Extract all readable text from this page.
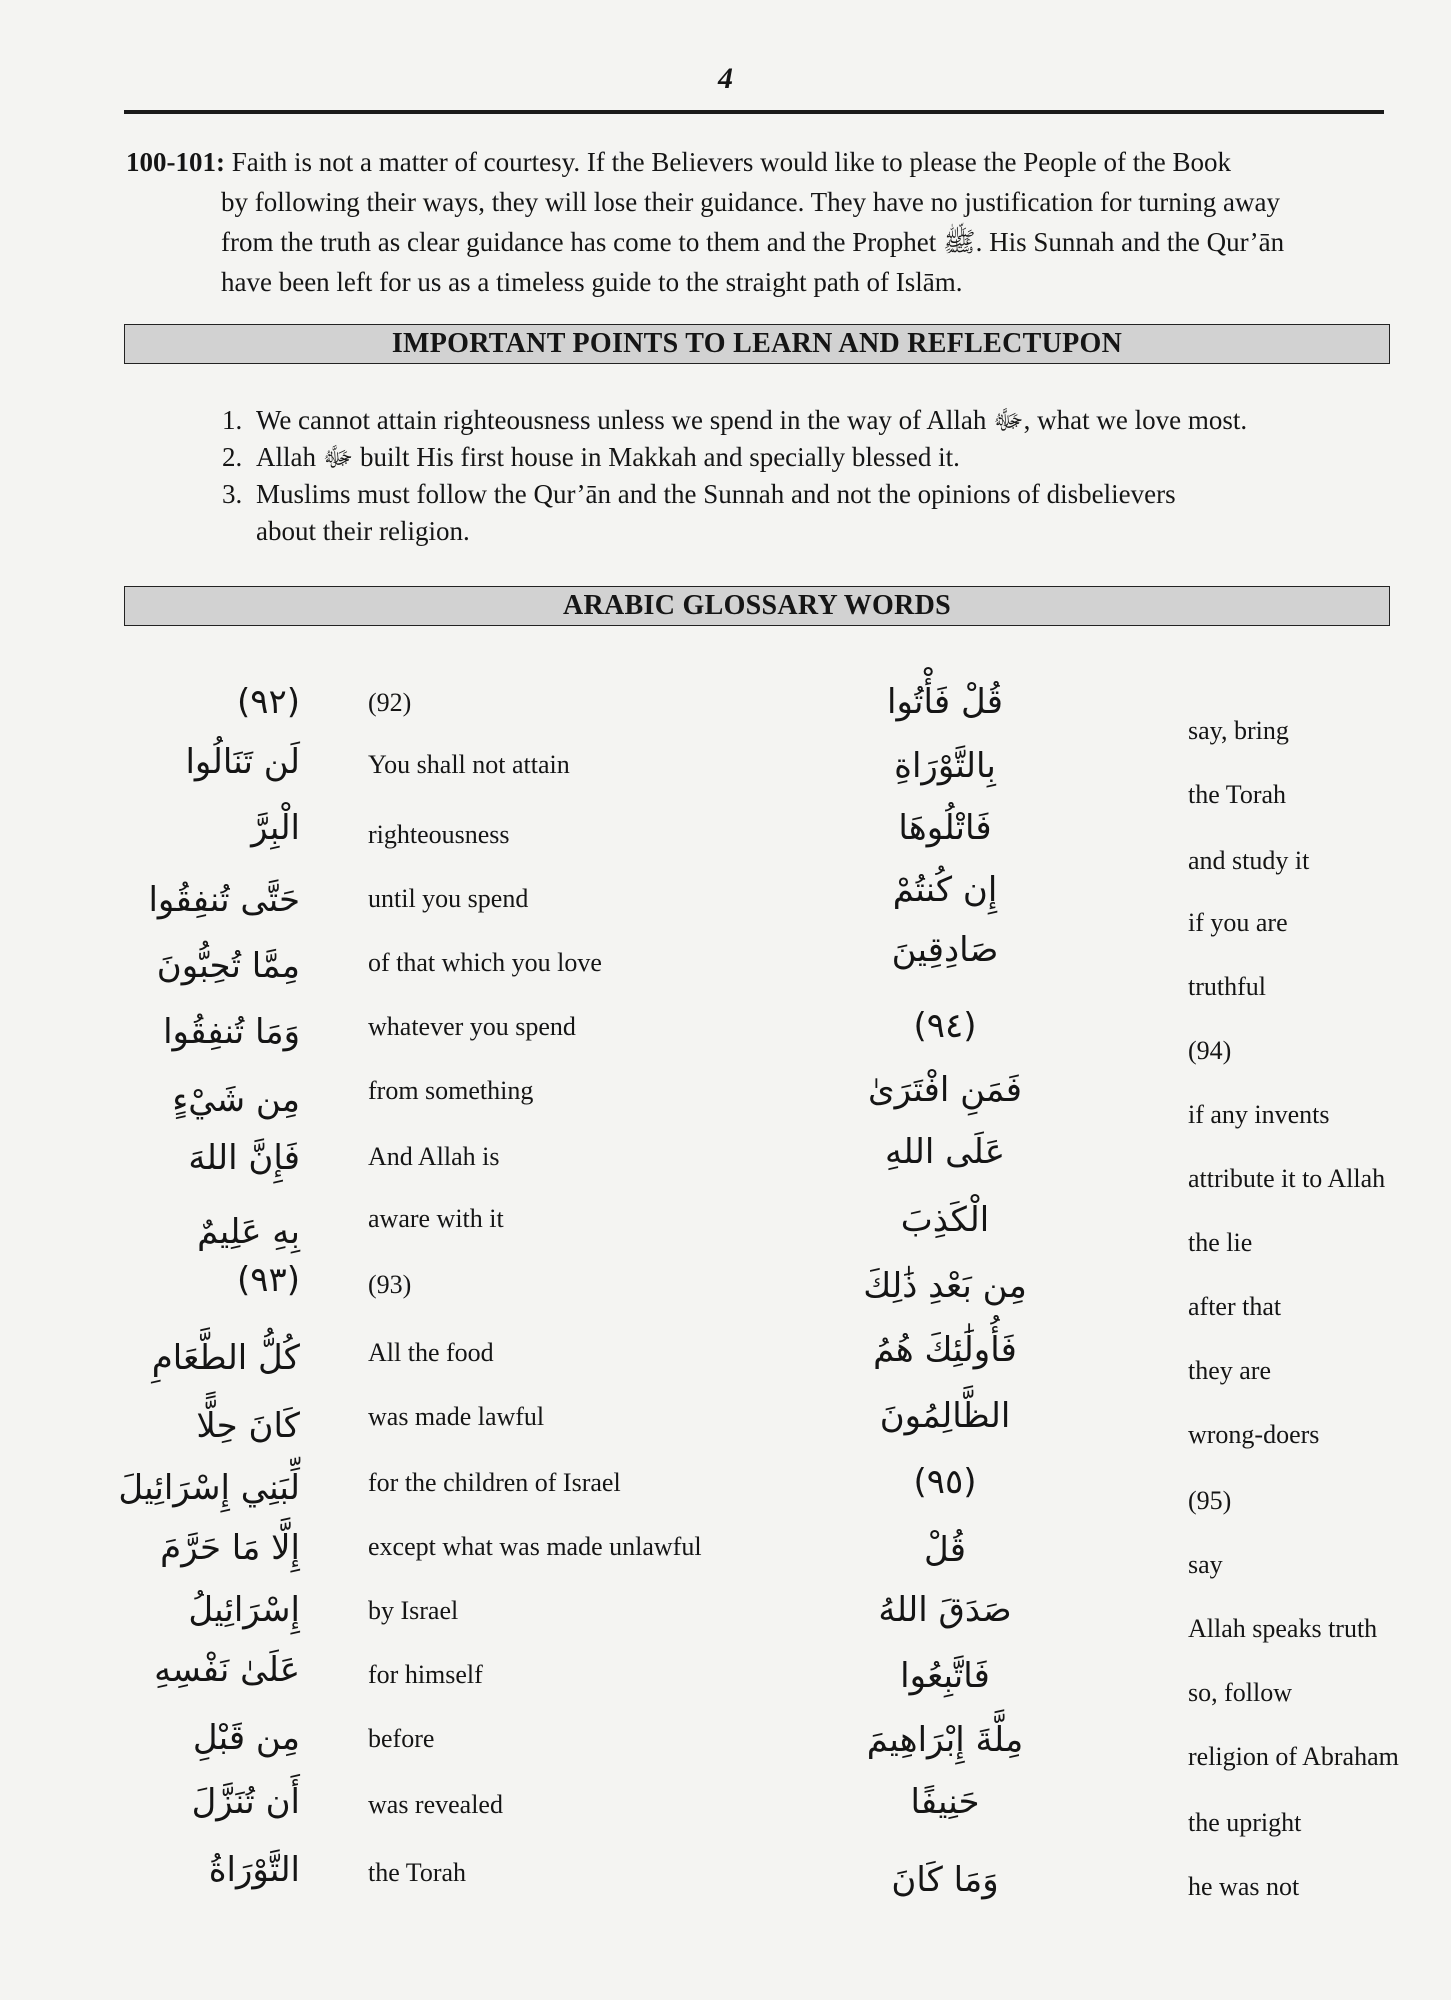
4
100-101: Faith is not a matter of courtesy. If the Believers would like to please the People of the Book
by following their ways, they will lose their guidance. They have no justification for turning away
from the truth as clear guidance has come to them and the Prophet ﷺ. His Sunnah and the Qur’ān
have been left for us as a timeless guide to the straight path of Islām.
IMPORTANT POINTS TO LEARN AND REFLECTUPON
1. We cannot attain righteousness unless we spend in the way of Allah ﷻ, what we love most.
2. Allah ﷻ built His first house in Makkah and specially blessed it.
3. Muslims must follow the Qur’ān and the Sunnah and not the opinions of disbelievers
about their religion.
ARABIC GLOSSARY WORDS
(٩٢)
لَن تَنَالُوا
الْبِرَّ
حَتَّى تُنفِقُوا
مِمَّا تُحِبُّونَ
وَمَا تُنفِقُوا
مِن شَيْءٍ
فَإِنَّ اللهَ
بِهِ عَلِيمٌ
(٩٣)
كُلُّ الطَّعَامِ
كَانَ حِلًّا
لِّبَنِي إِسْرَائِيلَ
إِلَّا مَا حَرَّمَ
إِسْرَائِيلُ
عَلَىٰ نَفْسِهِ
مِن قَبْلِ
أَن تُنَزَّلَ
التَّوْرَاةُ
(92)
You shall not attain
righteousness
until you spend
of that which you love
whatever you spend
from something
And Allah is
aware with it
(93)
All the food
was made lawful
for the children of Israel
except what was made unlawful
by Israel
for himself
before
was revealed
the Torah
قُلْ فَأْتُوا
بِالتَّوْرَاةِ
فَاتْلُوهَا
إِن كُنتُمْ
صَادِقِينَ
(٩٤)
فَمَنِ افْتَرَىٰ
عَلَى اللهِ
الْكَذِبَ
مِن بَعْدِ ذَٰلِكَ
فَأُولَٰئِكَ هُمُ
الظَّالِمُونَ
(٩٥)
قُلْ
صَدَقَ اللهُ
فَاتَّبِعُوا
مِلَّةَ إِبْرَاهِيمَ
حَنِيفًا
وَمَا كَانَ
say, bring
the Torah
and study it
if you are
truthful
(94)
if any invents
attribute it to Allah
the lie
after that
they are
wrong-doers
(95)
say
Allah speaks truth
so, follow
religion of Abraham
the upright
he was not
